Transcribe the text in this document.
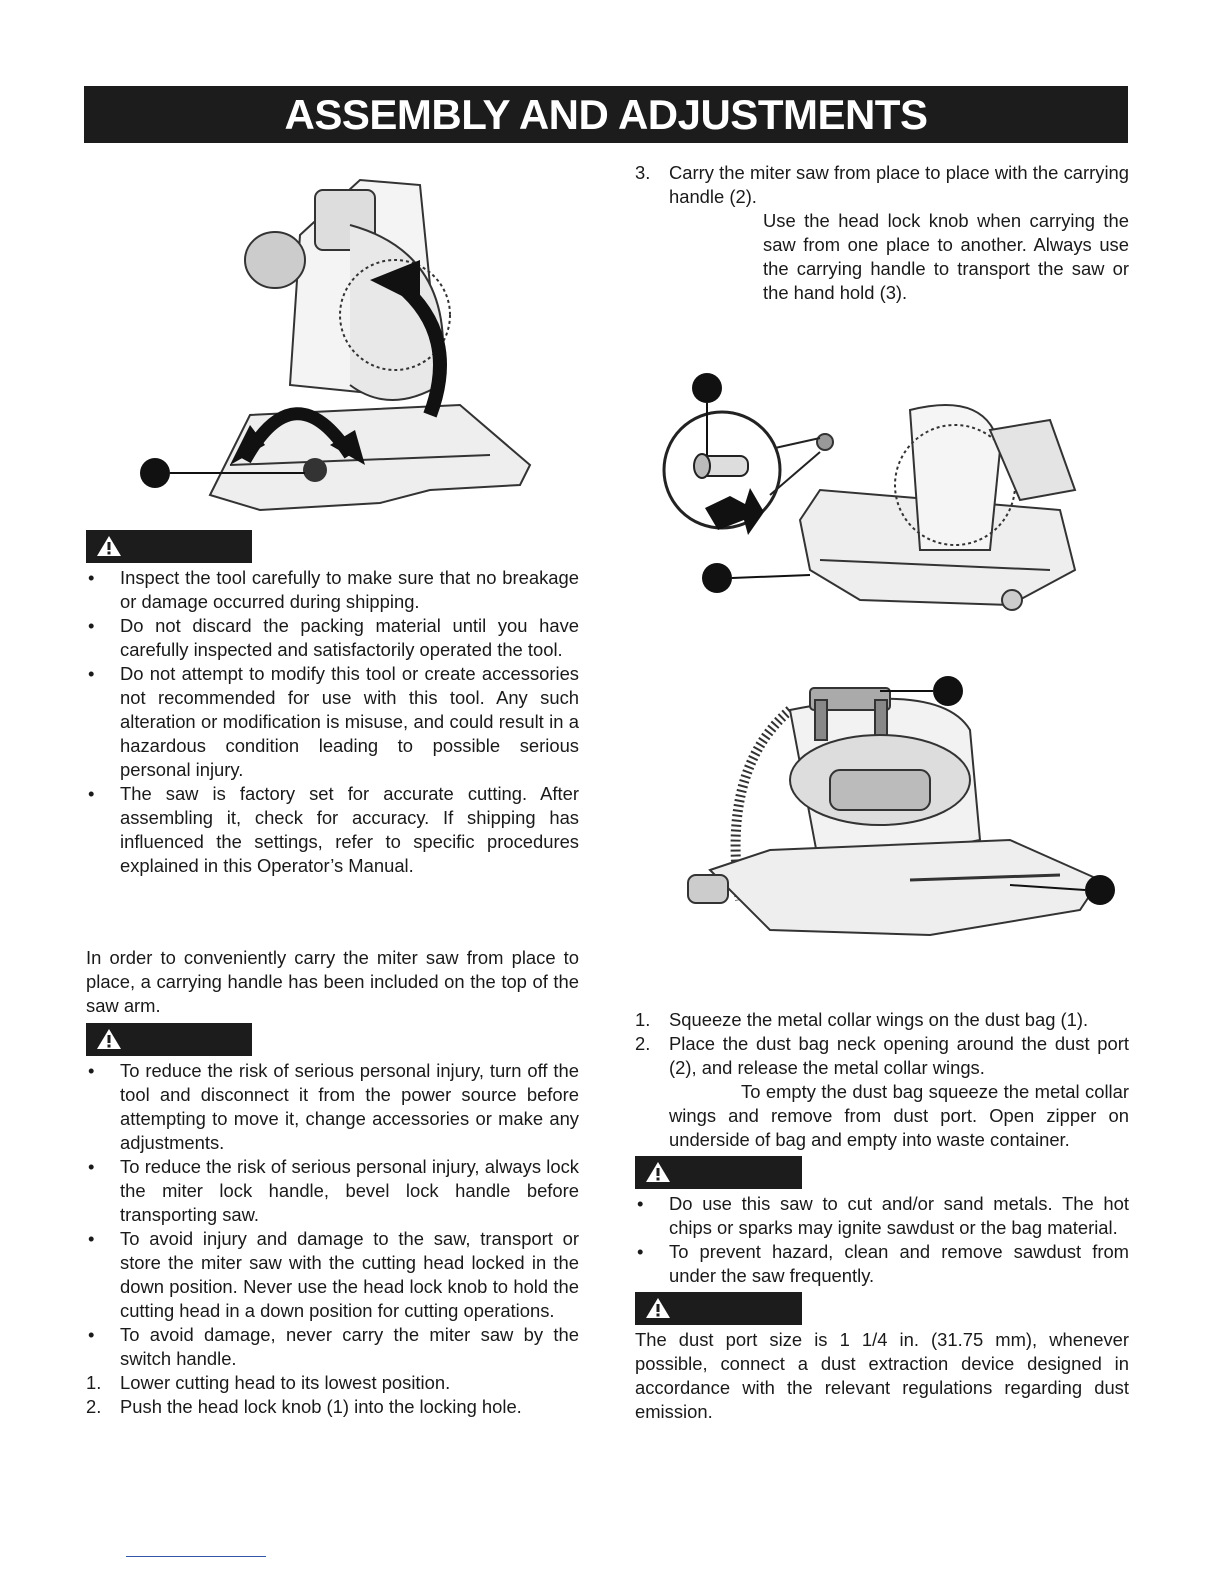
ASSEMBLY AND ADJUSTMENTS
• Inspect the tool carefully to make sure that no breakage or damage occurred during shipping.
• Do not discard the packing material until you have carefully inspected and satisfactorily operated the tool.
• Do not attempt to modify this tool or create accessories not recommended for use with this tool. Any such alteration or modification is misuse, and could result in a hazardous condition leading to possible serious personal injury.
• The saw is factory set for accurate cutting. After assembling it, check for accuracy. If shipping has influenced the settings, refer to specific procedures explained in this Operator’s Manual.

In order to conveniently carry the miter saw from place to place, a carrying handle has been included on the top of the saw arm.

• To reduce the risk of serious personal injury, turn off the tool and disconnect it from the power source before attempting to move it, change accessories or make any adjustments.
• To reduce the risk of serious personal injury, always lock the miter lock handle, bevel lock handle before transporting saw.
• To avoid injury and damage to the saw, transport or store the miter saw with the cutting head locked in the down position. Never use the head lock knob to hold the cutting head in a down position for cutting operations.
• To avoid damage, never carry the miter saw by the switch handle.
1. Lower cutting head to its lowest position.
2. Push the head lock knob (1) into the locking hole.
3. Carry the miter saw from place to place with the carrying handle (2).

Use the head lock knob when carrying the saw from one place to another. Always use the carrying handle to transport the saw or the hand hold (3).

1. Squeeze the metal collar wings on the dust bag (1).
2. Place the dust bag neck opening around the dust port (2), and release the metal collar wings.

To empty the dust bag squeeze the metal collar wings and remove from dust port. Open zipper on underside of bag and empty into waste container.

• Do use this saw to cut and/or sand metals. The hot chips or sparks may ignite sawdust or the bag material.
• To prevent hazard, clean and remove sawdust from under the saw frequently.

The dust port size is 1 1/4 in. (31.75 mm), whenever possible, connect a dust extraction device designed in accordance with the relevant regulations regarding dust emission.
